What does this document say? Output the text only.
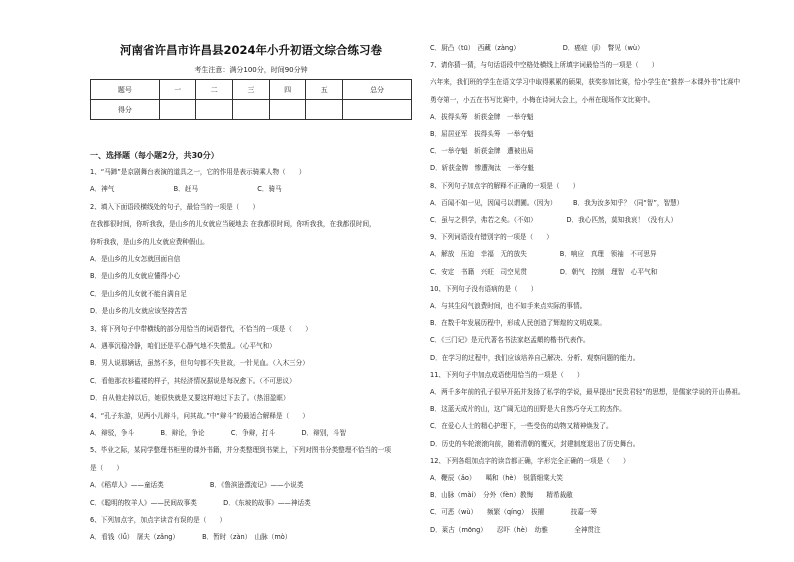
河南省许昌市许昌县2024年小升初语文综合练习卷
考生注意：满分100分，时间90分钟
题号	一	二	三	四	五	总分
得分						
一、选择题（每小题2分，共30分）
1、“马蹄”是京剧舞台表演的道具之一，它的作用是表示骑乘人物（　　）
A．神气　　　　　　　　　B．赶马　　　　　　　　　C．骑马
2、填入下面语段横线处的句子，最恰当的一项是（　　）
在我都很时间，你听我我，是山乡的儿女就应当硬地去 在我都很时间，你听我我，在我都很时间，
你听我我，是山乡的儿女就应费种假山。
A．是山乡的儿女怎就回面自信
B．是山乡的儿女就应懂得小心
C．是山乡的儿女就不能自满自足
D．是山乡的儿女就应该坚持苦苦
3、将下列句子中带横线的部分用恰当的词语替代，不恰当的一项是（　　）
A．遇事沉稳冷静，咱们还是平心静气地不失慌乱。（心平气和）
B．男人说那辆话，虽然不多，但句句都不失世故，一针见血。（入木三分）
C．看他那衣衫褴褛的样子，其经济情况据说是每况愈下。（不可思议）
D．自从他走掉以后，她很快就是又要这样地过下去了。（热泪盈眶）
4、“孔子东游，见两小儿辩斗，问其故。”中“辩斗”的最适合解释是（　　）
A．辩驳，争斗　　　　B．辩论，争论　　　　C．争辩，打斗　　　　D．辩别，斗智
5、毕业之际，某同学整理书柜里的课外书籍，并分类整理到书架上，下列对图书分类整理不恰当的一项
是（　　）
A．《稻草人》——童话类　　　　　　　B．《鲁滨逊漂流记》——小说类
C．《聪明的牧羊人》——民间故事类　　　　D．《东坡的故事》——神话类
6、下列加点字，加点字读音有误的是（　　）
A．看钱（lǚ）　屠夫（zǎng）　　　　B．暂时（zàn）　山脉（mò）
C．厨凸（tū）　西藏（zàng）　　　　　　　D．癌症（jǐ）　瞥见（wù）
7、请你猜一猜，与句话语段中空格处横线上所填字词最恰当的一项是（　　）
六年来，我们班的学生在语文学习中取得累累的硕果，获奖参加比赛，恰小学生在“推荐一本课外书”比赛中
勇夺第一，小五在书写比赛中，小梅在诗词大会上，小州在现场作文比赛中。
A．拔得头筹　斩获金牌　一举夺魁
B．屈居亚军　拔得头筹　一举夺魁
C．一举夺魁　斩获金牌　遭被出局
D．斩获金牌　惨遭淘汰　一举夺魁
8、下列句子加点字的解释不正确的一项是（　　）
A．百闻不如一见，因闻弓以谓圃。（因为）　　　B．我为汝多知乎？（同“智”，智慧）
C．虽与之俱学，弗若之矣。（不如）　　　　　D．我心匹然，莫知我哀！（没有人）
9、下列词语没有错别字的一项是（　　）
A．解放　压迫　幸福　无的放失　　　　　B．响应　真理　领袖　不可思异
C．安定　书籍　兴旺　司空见贯　　　　　D．朝气　控制　理智　心平气和
10、下列句子没有语病的是（　　）
A．与其生闷气浪费时间，也不如手来点实际的事情。
B．在数千年发展历程中，形成人民创造了辉煌的文明成果。
C．《三门记》是元代著名书法家赵孟頫的楷书代表作。
D．在学习的过程中，我们应该培养自己解决、分析、观察问题的能力。
11、下列句子中加点成语使用恰当的一项是（　　）
A．两千多年前的孔子很早开拓并发扬了私学的学说，最早提出“民贵君轻”的思想，是儒家学说的开山鼻祖。
B．这蓝天成片的山，这广阔无边的田野是大自然巧夺天工的杰作。
C．在爱心人士的精心护理下，一些受伤的动物又精神焕发了。
D．历史的车轮滚滚向前，随着清朝的覆灭，封建制度退出了历史舞台。
12、下列各组加点字的读音都正确，字形完全正确的一项是（　　）
A．鞭辰（ǎo）　　噶和（hè）　锐箭细棠大笑
B．山脉（mài）　分外（fèn）教悔　　精希裁敝
C．可恶（wù）　　频繁（qíng）　拔擢　　　　技嘉一筹
D．莱古（mōng）　　忍吓（hè）　幼雅　　　　全神贯注
